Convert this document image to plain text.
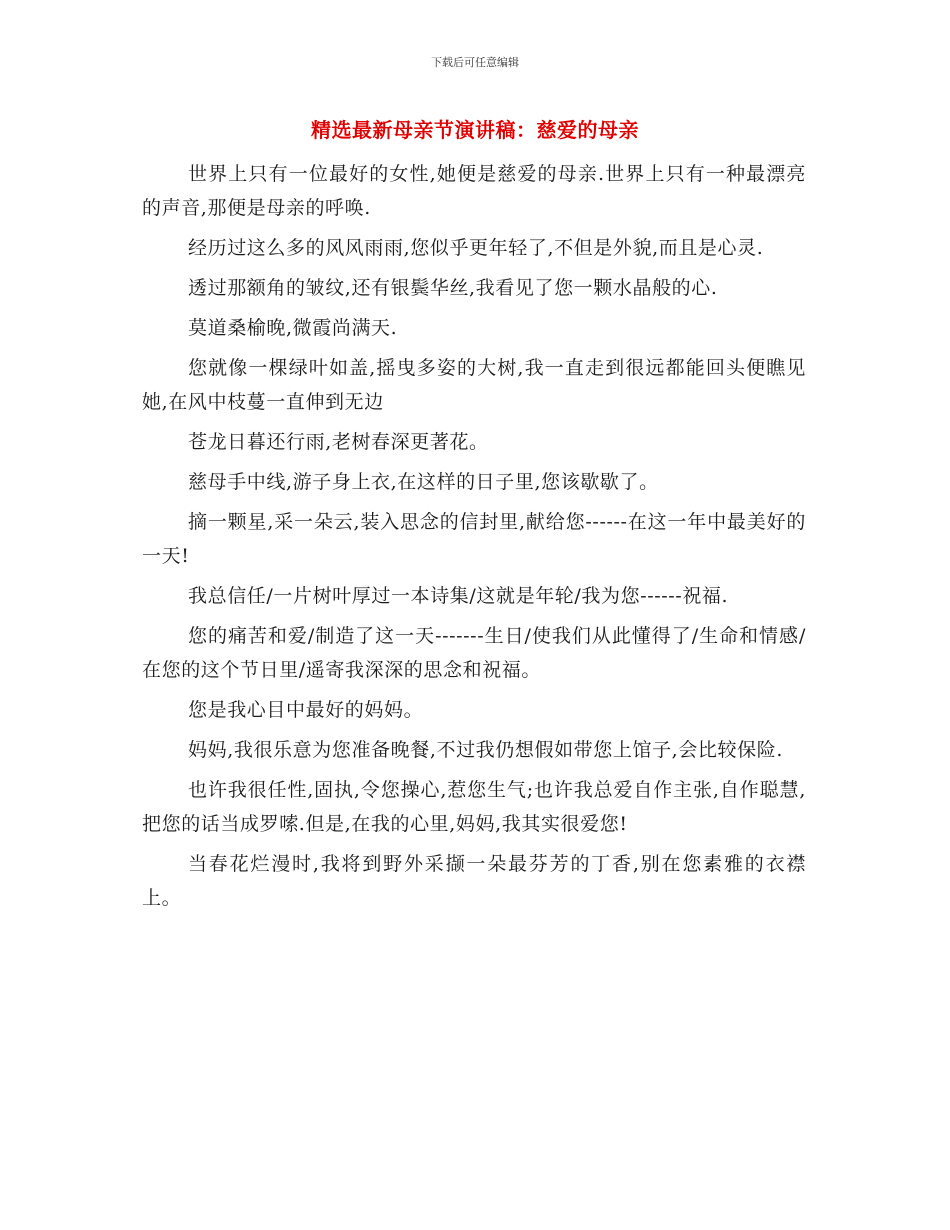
下载后可任意编辑
精选最新母亲节演讲稿：慈爱的母亲

世界上只有一位最好的女性,她便是慈爱的母亲.世界上只有一种最漂亮的声音,那便是母亲的呼唤.

经历过这么多的风风雨雨,您似乎更年轻了,不但是外貌,而且是心灵.

透过那额角的皱纹,还有银鬓华丝,我看见了您一颗水晶般的心.

莫道桑榆晚,微霞尚满天.

您就像一棵绿叶如盖,摇曳多姿的大树,我一直走到很远都能回头便瞧见她,在风中枝蔓一直伸到无边

苍龙日暮还行雨,老树春深更著花。

慈母手中线,游子身上衣,在这样的日子里,您该歇歇了。

摘一颗星,采一朵云,装入思念的信封里,献给您------在这一年中最美好的一天!

我总信任/一片树叶厚过一本诗集/这就是年轮/我为您------祝福.

您的痛苦和爱/制造了这一天-------生日/使我们从此懂得了/生命和情感/在您的这个节日里/遥寄我深深的思念和祝福。

您是我心目中最好的妈妈。

妈妈,我很乐意为您准备晚餐,不过我仍想假如带您上馆子,会比较保险.

也许我很任性,固执,令您操心,惹您生气;也许我总爱自作主张,自作聪慧,把您的话当成罗嗦.但是,在我的心里,妈妈,我其实很爱您!

当春花烂漫时,我将到野外采撷一朵最芬芳的丁香,别在您素雅的衣襟上。
